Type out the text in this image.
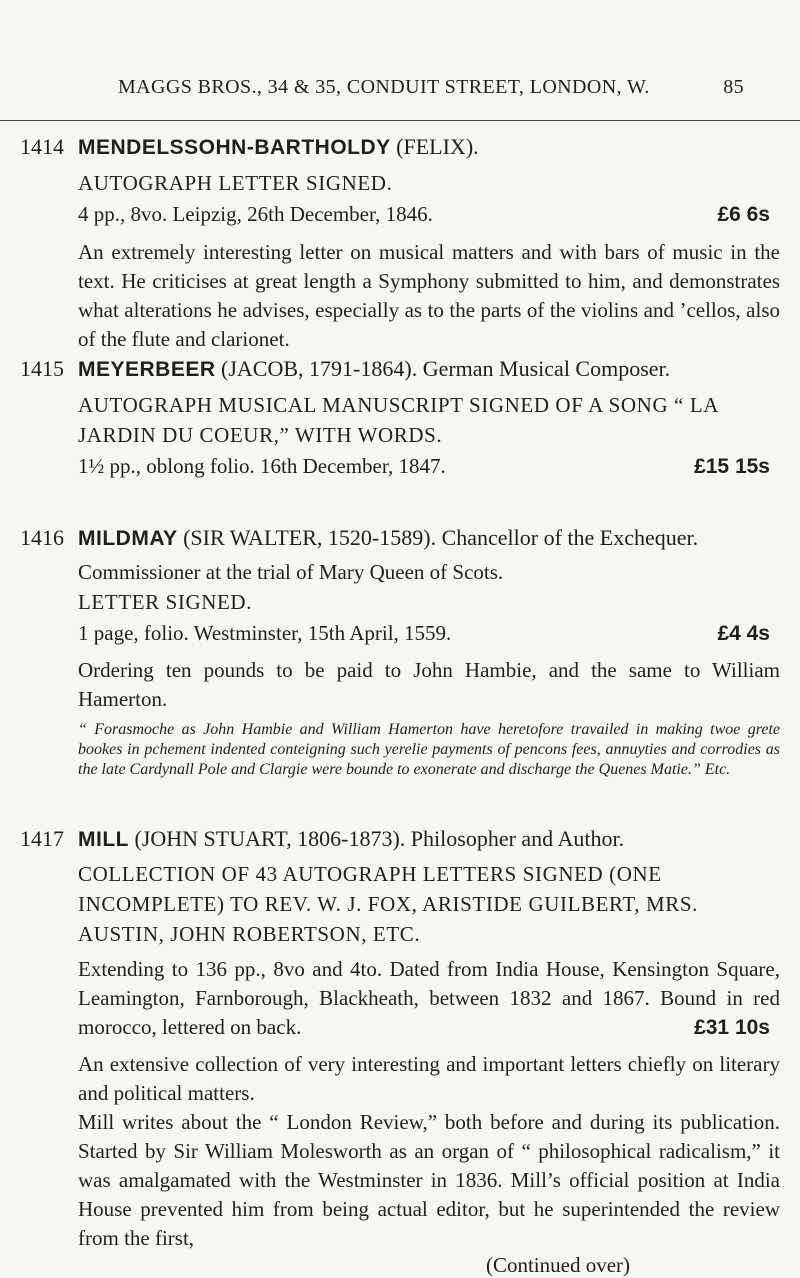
MAGGS BROS., 34 & 35, CONDUIT STREET, LONDON, W.	85
1414 MENDELSSOHN-BARTHOLDY (FELIX).

AUTOGRAPH LETTER SIGNED.

4 pp., 8vo. Leipzig, 26th December, 1846.	£6 6s

An extremely interesting letter on musical matters and with bars of music in the text. He criticises at great length a Symphony submitted to him, and demonstrates what alterations he advises, especially as to the parts of the violins and ’cellos, also of the flute and clarionet.

1415 MEYERBEER (JACOB, 1791-1864). German Musical Composer.

AUTOGRAPH MUSICAL MANUSCRIPT SIGNED OF A SONG “ LA JARDIN DU COEUR,” WITH WORDS.

1½ pp., oblong folio. 16th December, 1847.	£15 15s

1416 MILDMAY (SIR WALTER, 1520-1589). Chancellor of the Exchequer.

Commissioner at the trial of Mary Queen of Scots.

LETTER SIGNED.

1 page, folio. Westminster, 15th April, 1559.	£4 4s

Ordering ten pounds to be paid to John Hambie, and the same to William Hamerton.

“ Forasmoche as John Hambie and William Hamerton have heretofore travailed in making twoe grete bookes in pchement indented conteigning such yerelie payments of pencons fees, annuyties and corrodies as the late Cardynall Pole and Clargie were bounde to exonerate and discharge the Quenes Matie.” Etc.

1417 MILL (JOHN STUART, 1806-1873). Philosopher and Author.

COLLECTION OF 43 AUTOGRAPH LETTERS SIGNED (ONE INCOMPLETE) TO REV. W. J. FOX, ARISTIDE GUILBERT, MRS. AUSTIN, JOHN ROBERTSON, ETC.

Extending to 136 pp., 8vo and 4to. Dated from India House, Kensington Square, Leamington, Farnborough, Blackheath, between 1832 and 1867. Bound in red morocco, lettered on back.	£31 10s

An extensive collection of very interesting and important letters chiefly on literary and political matters.

Mill writes about the “ London Review,” both before and during its publication. Started by Sir William Molesworth as an organ of “ philosophical radicalism,” it was amalgamated with the Westminster in 1836. Mill’s official position at India House prevented him from being actual editor, but he superintended the review from the first,

(Continued over)
